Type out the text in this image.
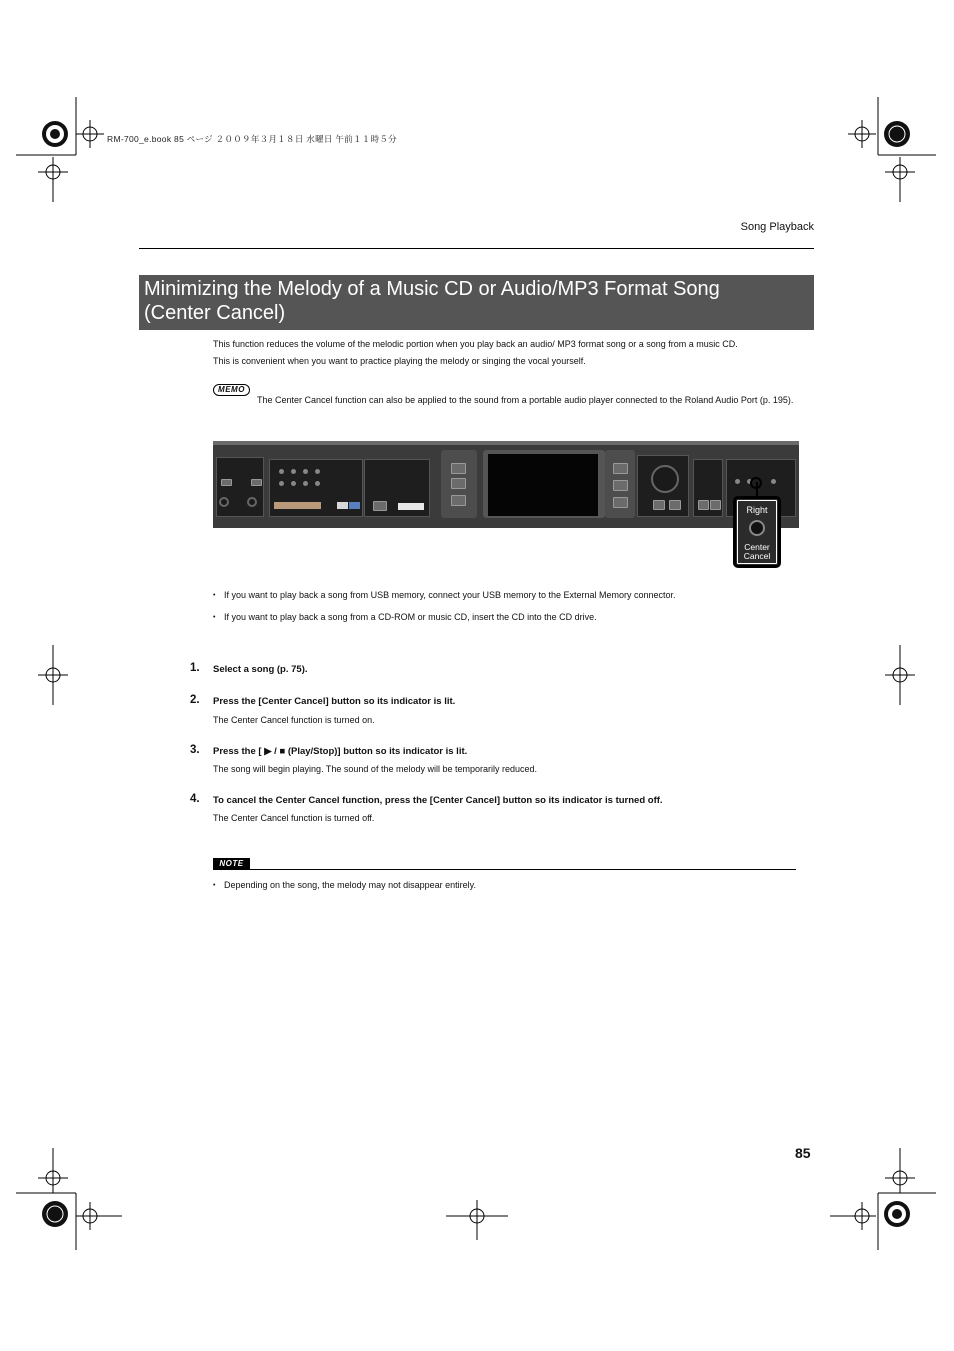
RM-700_e.book 85 ページ ２００９年３月１８日 水曜日 午前１１時５分
Song Playback
Minimizing the Melody of a Music CD or Audio/MP3 Format Song
(Center Cancel)
This function reduces the volume of the melodic portion when you play back an audio/ MP3 format song or a song from a music CD.
This is convenient when you want to practice playing the melody or singing the vocal yourself.
MEMO
The Center Cancel function can also be applied to the sound from a portable audio player connected to the Roland Audio Port (p. 195).
Right
Center
Cancel
• If you want to play back a song from USB memory, connect your USB memory to the External Memory connector.
• If you want to play back a song from a CD-ROM or music CD, insert the CD into the CD drive.
1. Select a song (p. 75).
2. Press the [Center Cancel] button so its indicator is lit.
The Center Cancel function is turned on.
3. Press the [ ▶ / ■ (Play/Stop)] button so its indicator is lit.
The song will begin playing. The sound of the melody will be temporarily reduced.
4. To cancel the Center Cancel function, press the [Center Cancel] button so its indicator is turned off.
The Center Cancel function is turned off.
NOTE
• Depending on the song, the melody may not disappear entirely.
85
